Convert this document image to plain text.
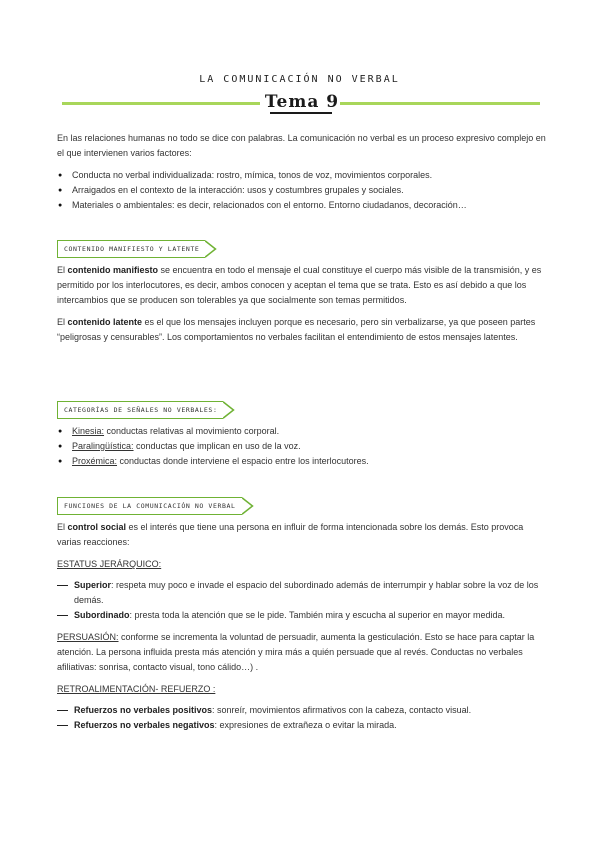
LA COMUNICACIÓN NO VERBAL
Tema 9

En las relaciones humanas no todo se dice con palabras. La comunicación no verbal es un proceso expresivo complejo en el que intervienen varios factores:

● Conducta no verbal individualizada: rostro, mímica, tonos de voz, movimientos corporales.
● Arraigados en el contexto de la interacción: usos y costumbres grupales y sociales.
● Materiales o ambientales: es decir, relacionados con el entorno. Entorno ciudadanos, decoración…
CONTENIDO MANIFIESTO Y LATENTE

El contenido manifiesto se encuentra en todo el mensaje el cual constituye el cuerpo más visible de la transmisión, y es permitido por los interlocutores, es decir, ambos conocen y aceptan el tema que se trata. Esto es así debido a que los intercambios que se producen son tolerables ya que socialmente son temas permitidos.

El contenido latente es el que los mensajes incluyen porque es necesario, pero sin verbalizarse, ya que poseen partes “peligrosas y censurables”. Los comportamientos no verbales facilitan el entendimiento de estos mensajes latentes.

CATEGORÍAS DE SEÑALES NO VERBALES:
● Kinesia: conductas relativas al movimiento corporal.
● Paralingüística: conductas que implican en uso de la voz.
● Proxémica: conductas donde interviene el espacio entre los interlocutores.
FUNCIONES DE LA COMUNICACIÓN NO VERBAL

El control social es el interés que tiene una persona en influir de forma intencionada sobre los demás. Esto provoca varias reacciones:

ESTATUS JERÁRQUICO:

Superior: respeta muy poco e invade el espacio del subordinado además de interrumpir y hablar sobre la voz de los demás.
Subordinado: presta toda la atención que se le pide. También mira y escucha al superior en mayor medida.

PERSUASIÓN: conforme se incrementa la voluntad de persuadir, aumenta la gesticulación. Esto se hace para captar la atención. La persona influida presta más atención y mira más a quién persuade que al revés. Conductas no verbales afiliativas: sonrisa, contacto visual, tono cálido…) .

RETROALIMENTACIÓN- REFUERZO :

Refuerzos no verbales positivos: sonreír, movimientos afirmativos con la cabeza, contacto visual.
Refuerzos no verbales negativos: expresiones de extrañeza o evitar la mirada.
